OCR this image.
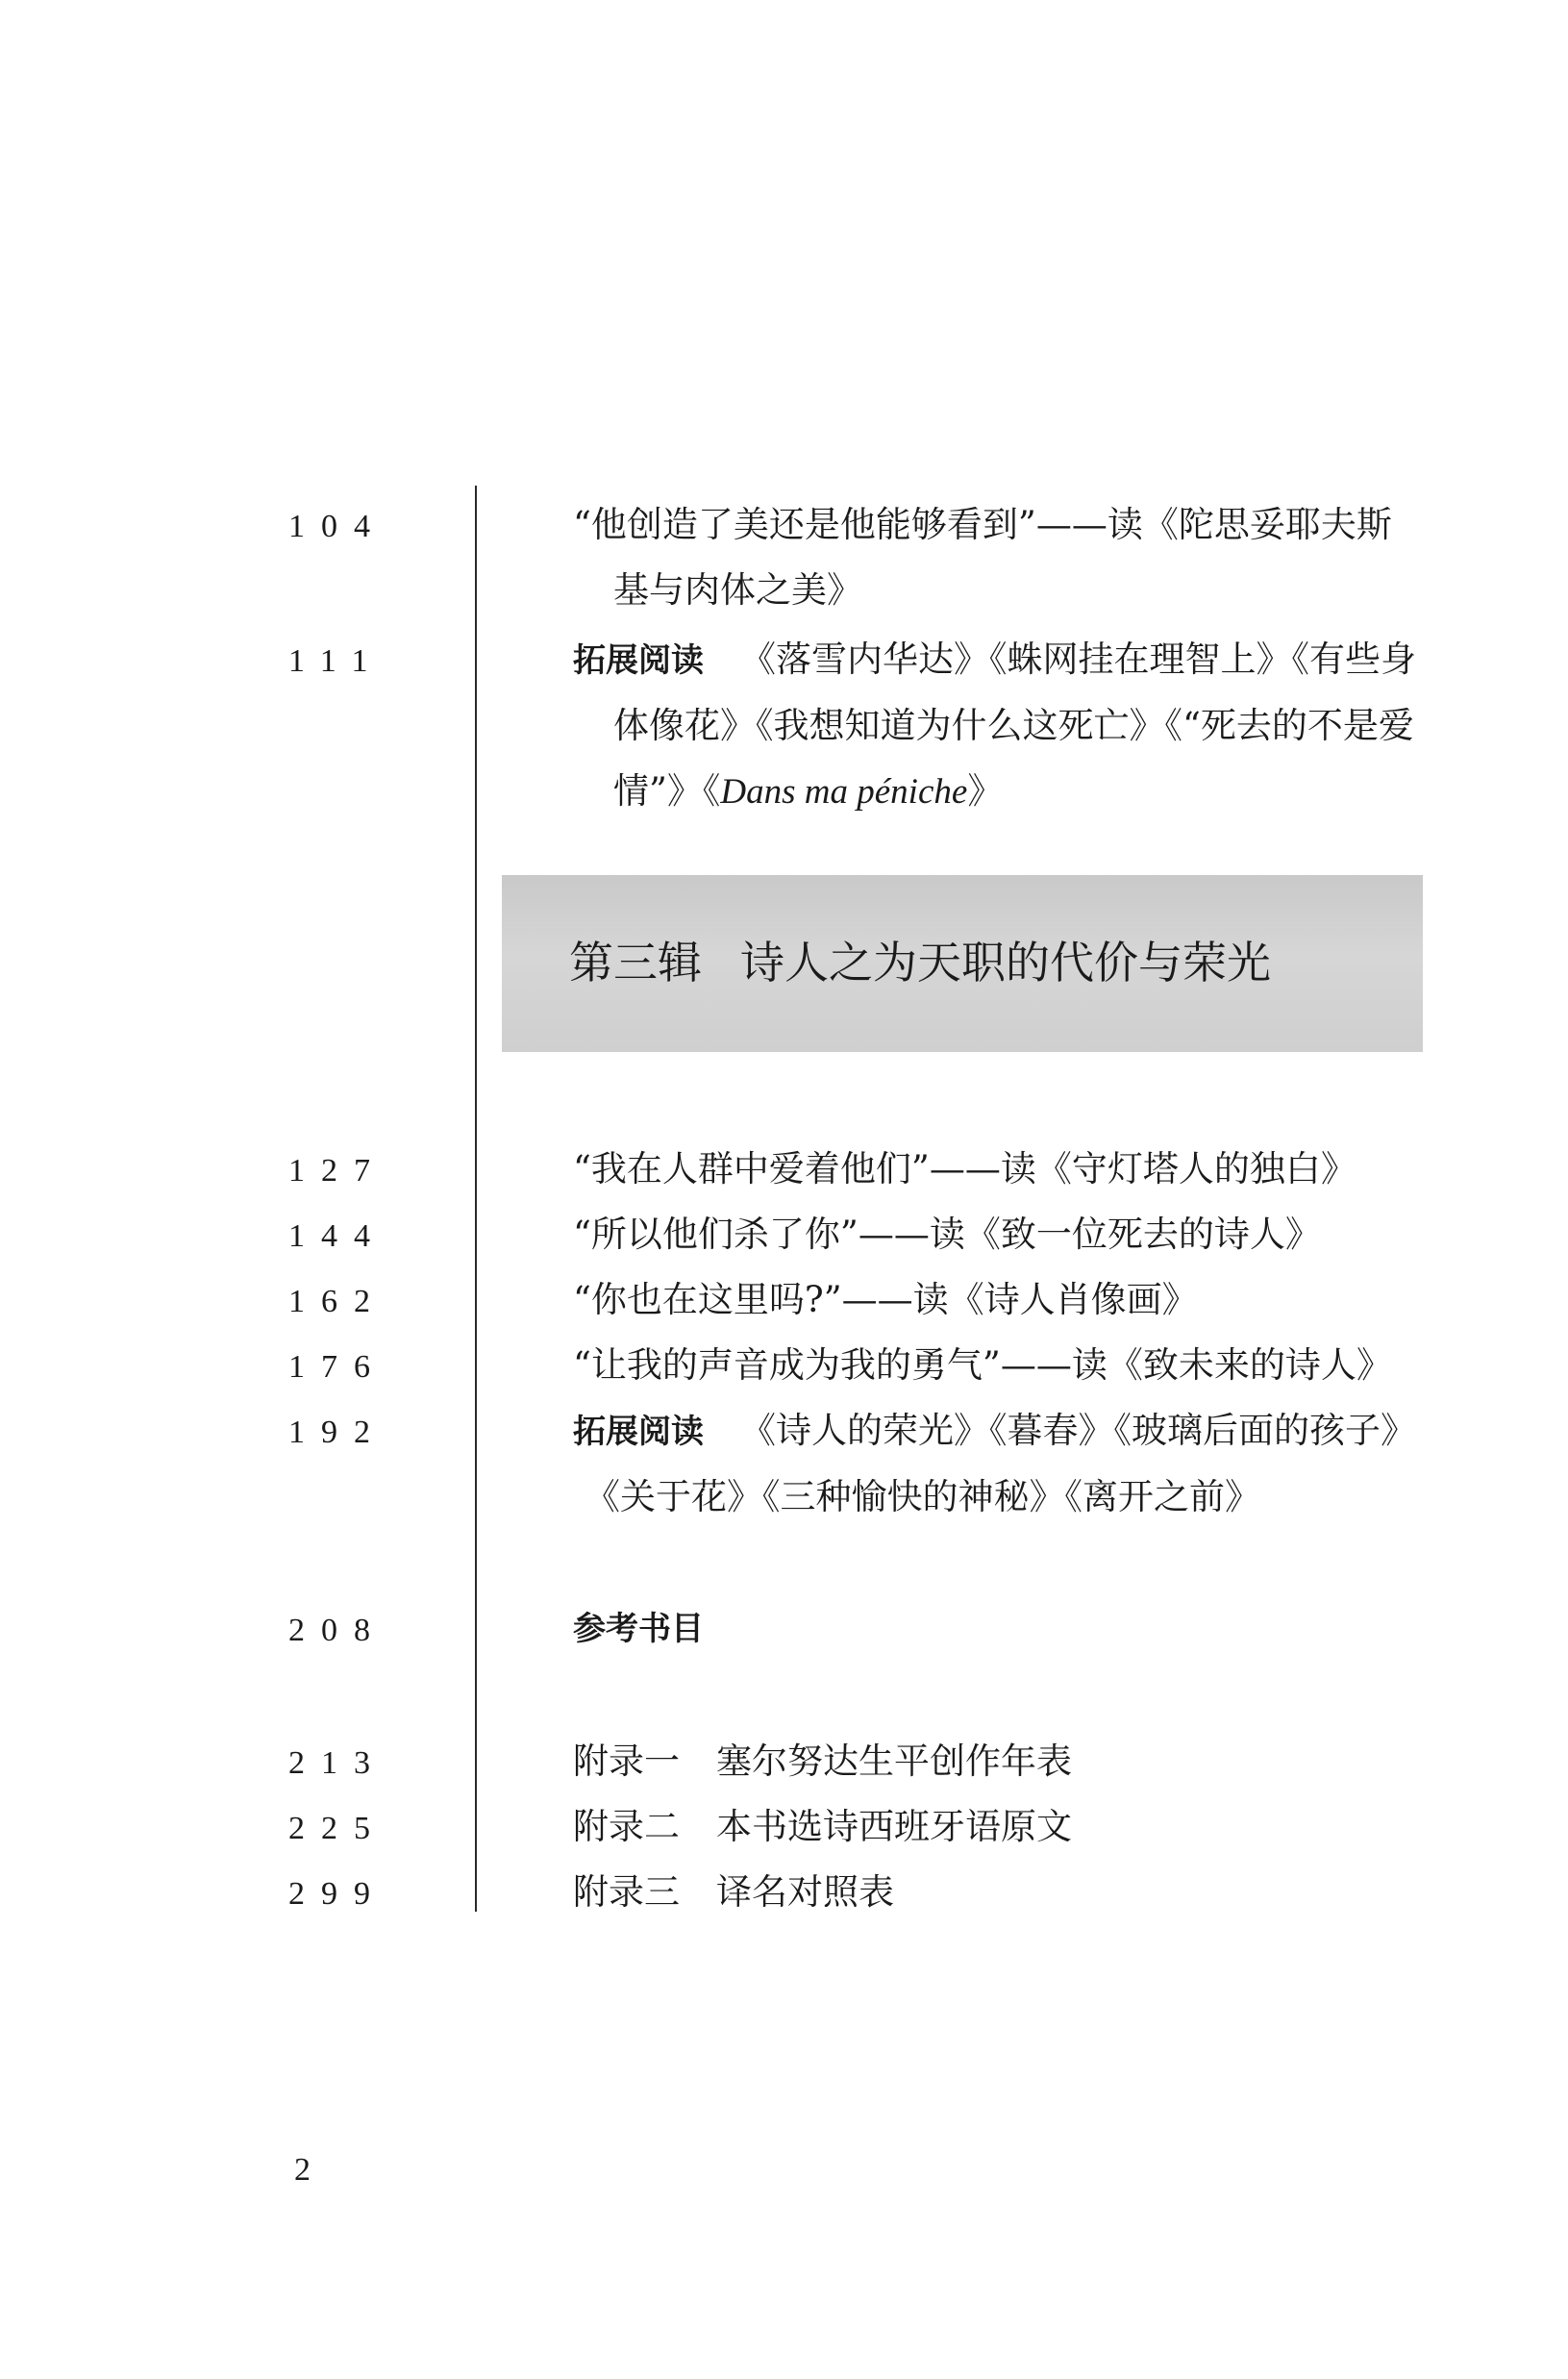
104	“他创造了美还是他能够看到”——读《陀思妥耶夫斯
基与肉体之美》
111	拓展阅读 《落雪内华达》《蛛网挂在理智上》《有些身
体像花》《我想知道为什么这死亡》《“死去的不是爱
情”》《Dans ma péniche》
第三辑 诗人之为天职的代价与荣光
127	“我在人群中爱着他们”——读《守灯塔人的独白》
144	“所以他们杀了你”——读《致一位死去的诗人》
162	“你也在这里吗?”——读《诗人肖像画》
176	“让我的声音成为我的勇气”——读《致未来的诗人》
192	拓展阅读 《诗人的荣光》《暮春》《玻璃后面的孩子》
《关于花》《三种愉快的神秘》《离开之前》
208	参考书目
213	附录一 塞尔努达生平创作年表
225	附录二 本书选诗西班牙语原文
299	附录三 译名对照表
2
